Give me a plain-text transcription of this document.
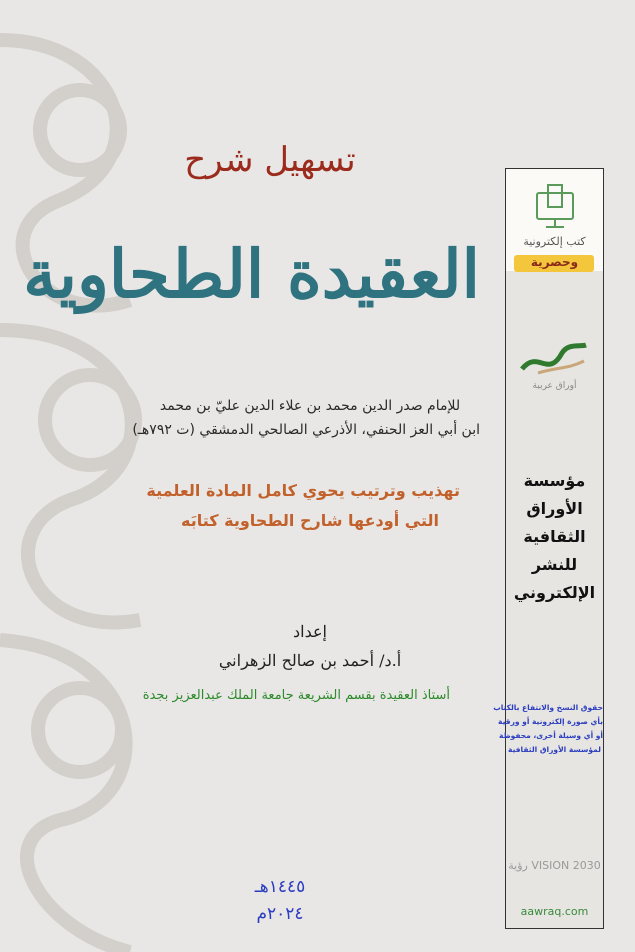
تسهيل شرح
العقيدة الطحاوية
للإمام صدر الدين محمد بن علاء الدين عليّ بن محمد
ابن أبي العز الحنفي، الأذرعي الصالحي الدمشقي (ت ٧٩٢هـ)
تهذيب وترتيب يحوي كامل المادة العلمية
التي أودعها شارح الطحاوية كتابَه
إعداد
أ.د/ أحمد بن صالح الزهراني
أستاذ العقيدة بقسم الشريعة جامعة الملك عبدالعزيز بجدة
١٤٤٥هـ
٢٠٢٤م
كتب إلكترونية
وحصرية
أوراق عربية
مؤسسة
الأوراق
الثقافية
للنشر
الإلكتروني
حقوق النسخ والانتفاع بالكتاب
بأي صورة إلكترونية أو ورقية
أو أي وسيلة أخرى، محفوظة
لمؤسسة الأوراق الثقافية
VISION 2030 رؤية
aawraq.com
